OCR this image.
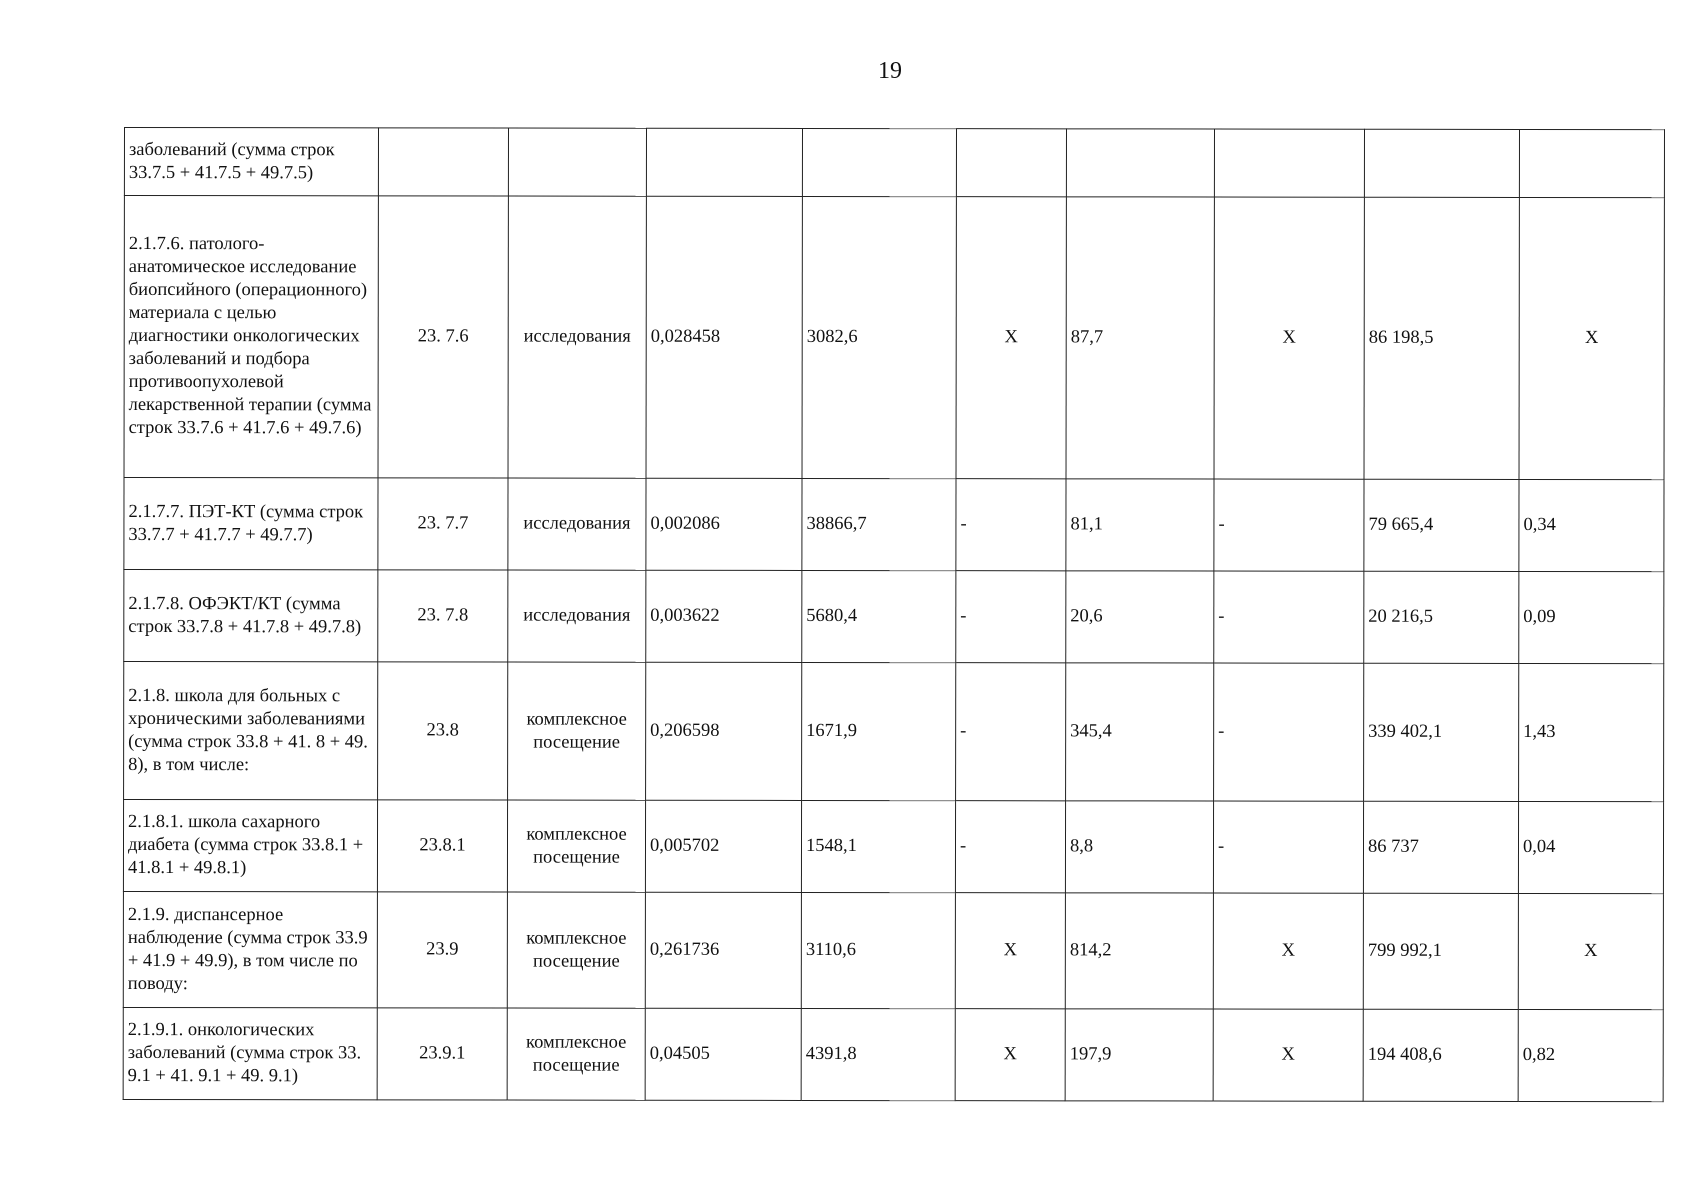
19
заболеваний (сумма строк 33.7.5 + 41.7.5 + 49.7.5)									
2.1.7.6. патолого-анатомическое исследование биопсийного (операционного) материала с целью диагностики онкологических заболеваний и подбора противоопухолевой лекарственной терапии (сумма строк 33.7.6 + 41.7.6 + 49.7.6)	23. 7.6	исследования	0,028458	3082,6	X	87,7	X	86 198,5	X
2.1.7.7. ПЭТ-КТ (сумма строк 33.7.7 + 41.7.7 + 49.7.7)	23. 7.7	исследования	0,002086	38866,7	-	81,1	-	79 665,4	0,34
2.1.7.8. ОФЭКТ/КТ (сумма строк 33.7.8 + 41.7.8 + 49.7.8)	23. 7.8	исследования	0,003622	5680,4	-	20,6	-	20 216,5	0,09
2.1.8. школа для больных с хроническими заболеваниями (сумма строк 33.8 + 41. 8 + 49. 8), в том числе:	23.8	комплексное посещение	0,206598	1671,9	-	345,4	-	339 402,1	1,43
2.1.8.1. школа сахарного диабета (сумма строк 33.8.1 + 41.8.1 + 49.8.1)	23.8.1	комплексное посещение	0,005702	1548,1	-	8,8	-	86 737	0,04
2.1.9. диспансерное наблюдение (сумма строк 33.9 + 41.9 + 49.9), в том числе по поводу:	23.9	комплексное посещение	0,261736	3110,6	X	814,2	X	799 992,1	X
2.1.9.1. онкологических заболеваний (сумма строк 33. 9.1 + 41. 9.1 + 49. 9.1)	23.9.1	комплексное посещение	0,04505	4391,8	X	197,9	X	194 408,6	0,82
